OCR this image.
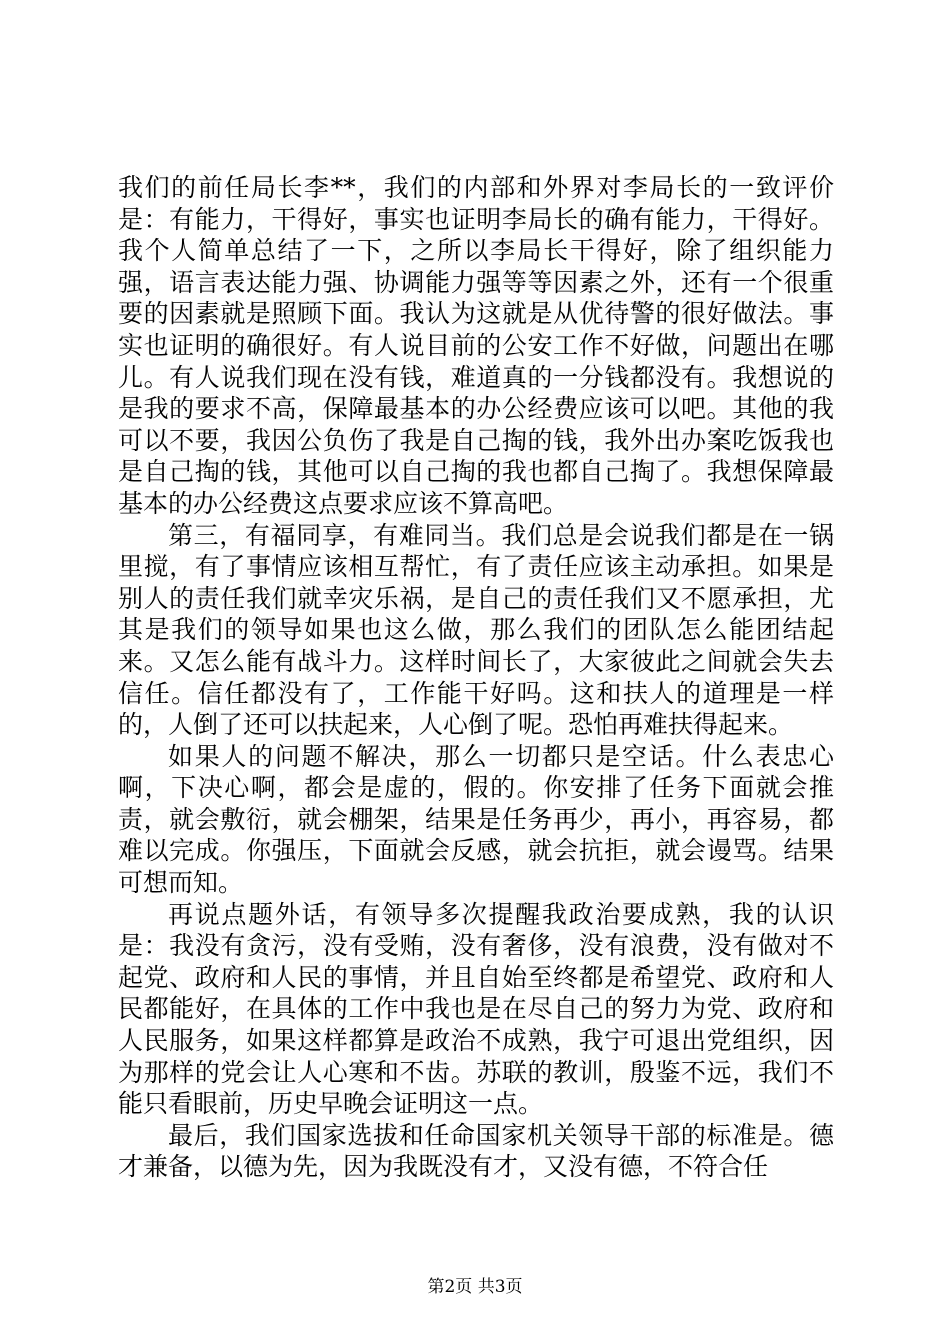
我们的前任局长李**，我们的内部和外界对李局长的一致评价是：有能力，干得好，事实也证明李局长的确有能力，干得好。我个人简单总结了一下，之所以李局长干得好，除了组织能力强，语言表达能力强、协调能力强等等因素之外，还有一个很重要的因素就是照顾下面。我认为这就是从优待警的很好做法。事实也证明的确很好。有人说目前的公安工作不好做，问题出在哪儿。有人说我们现在没有钱，难道真的一分钱都没有。我想说的是我的要求不高，保障最基本的办公经费应该可以吧。其他的我可以不要，我因公负伤了我是自己掏的钱，我外出办案吃饭我也是自己掏的钱，其他可以自己掏的我也都自己掏了。我想保障最基本的办公经费这点要求应该不算高吧。

第三，有福同享，有难同当。我们总是会说我们都是在一锅里搅，有了事情应该相互帮忙，有了责任应该主动承担。如果是别人的责任我们就幸灾乐祸，是自己的责任我们又不愿承担，尤其是我们的领导如果也这么做，那么我们的团队怎么能团结起来。又怎么能有战斗力。这样时间长了，大家彼此之间就会失去信任。信任都没有了，工作能干好吗。这和扶人的道理是一样的，人倒了还可以扶起来，人心倒了呢。恐怕再难扶得起来。

如果人的问题不解决，那么一切都只是空话。什么表忠心啊，下决心啊，都会是虚的，假的。你安排了任务下面就会推责，就会敷衍，就会棚架，结果是任务再少，再小，再容易，都难以完成。你强压，下面就会反感，就会抗拒，就会谩骂。结果可想而知。

再说点题外话，有领导多次提醒我政治要成熟，我的认识是：我没有贪污，没有受贿，没有奢侈，没有浪费，没有做对不起党、政府和人民的事情，并且自始至终都是希望党、政府和人民都能好，在具体的工作中我也是在尽自己的努力为党、政府和人民服务，如果这样都算是政治不成熟，我宁可退出党组织，因为那样的党会让人心寒和不齿。苏联的教训，殷鉴不远，我们不能只看眼前，历史早晚会证明这一点。

最后，我们国家选拔和任命国家机关领导干部的标准是。德才兼备，以德为先，因为我既没有才，又没有德，不符合任

第2页 共3页
